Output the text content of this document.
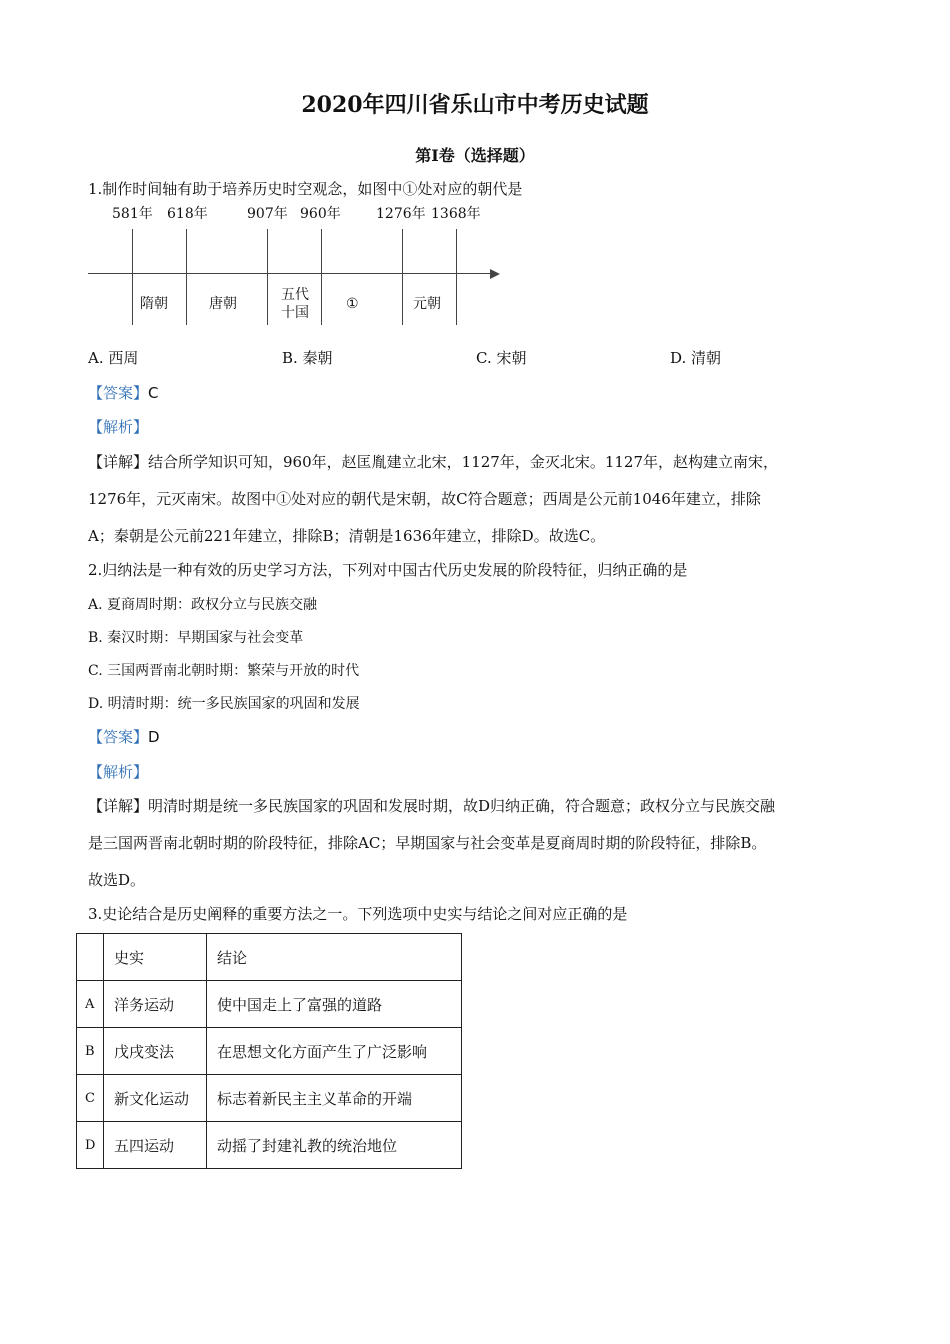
2020年四川省乐山市中考历史试题
第Ⅰ卷（选择题）
1.制作时间轴有助于培养历史时空观念，如图中①处对应的朝代是
581年 618年	907年 960年	1276年 1368年
隋朝	唐朝
五代
十国
①	元朝
A. 西周	B. 秦朝	C. 宋朝	D. 清朝
【答案】C
【解析】
【详解】结合所学知识可知，960年，赵匡胤建立北宋，1127年，金灭北宋。1127年，赵构建立南宋，
1276年，元灭南宋。故图中①处对应的朝代是宋朝，故C符合题意；西周是公元前1046年建立，排除
A；秦朝是公元前221年建立，排除B；清朝是1636年建立，排除D。故选C。
2.归纳法是一种有效的历史学习方法，下列对中国古代历史发展的阶段特征，归纳正确的是
A. 夏商周时期：政权分立与民族交融
B. 秦汉时期：早期国家与社会变革
C. 三国两晋南北朝时期：繁荣与开放的时代
D. 明清时期：统一多民族国家的巩固和发展
【答案】D
【解析】
【详解】明清时期是统一多民族国家的巩固和发展时期，故D归纳正确，符合题意；政权分立与民族交融
是三国两晋南北朝时期的阶段特征，排除AC；早期国家与社会变革是夏商周时期的阶段特征，排除B。
故选D。
3.史论结合是历史阐释的重要方法之一。下列选项中史实与结论之间对应正确的是
	史实	结论
A	洋务运动	使中国走上了富强的道路
B	戊戌变法	在思想文化方面产生了广泛影响
C	新文化运动	标志着新民主主义革命的开端
D	五四运动	动摇了封建礼教的统治地位
